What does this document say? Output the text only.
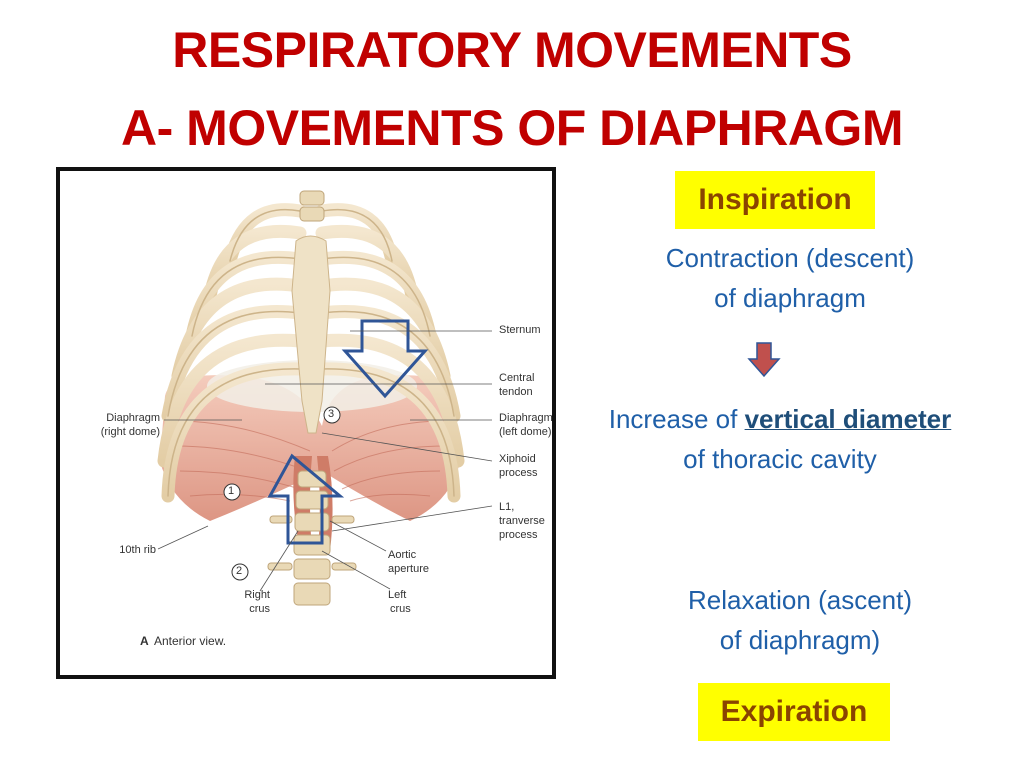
RESPIRATORY MOVEMENTS
A- MOVEMENTS OF DIAPHRAGM
3
1
2
Sternum
Central
tendon
Diaphragm
(left dome)
Xiphoid
process
L1,
tranverse
process
Aortic
aperture
Left
crus
Diaphragm
(right dome)
10th rib
Right
crus
A Anterior view.
Inspiration
Contraction (descent)
of diaphragm
Increase of vertical diameter
of thoracic cavity
Relaxation (ascent)
of diaphragm)
Expiration
